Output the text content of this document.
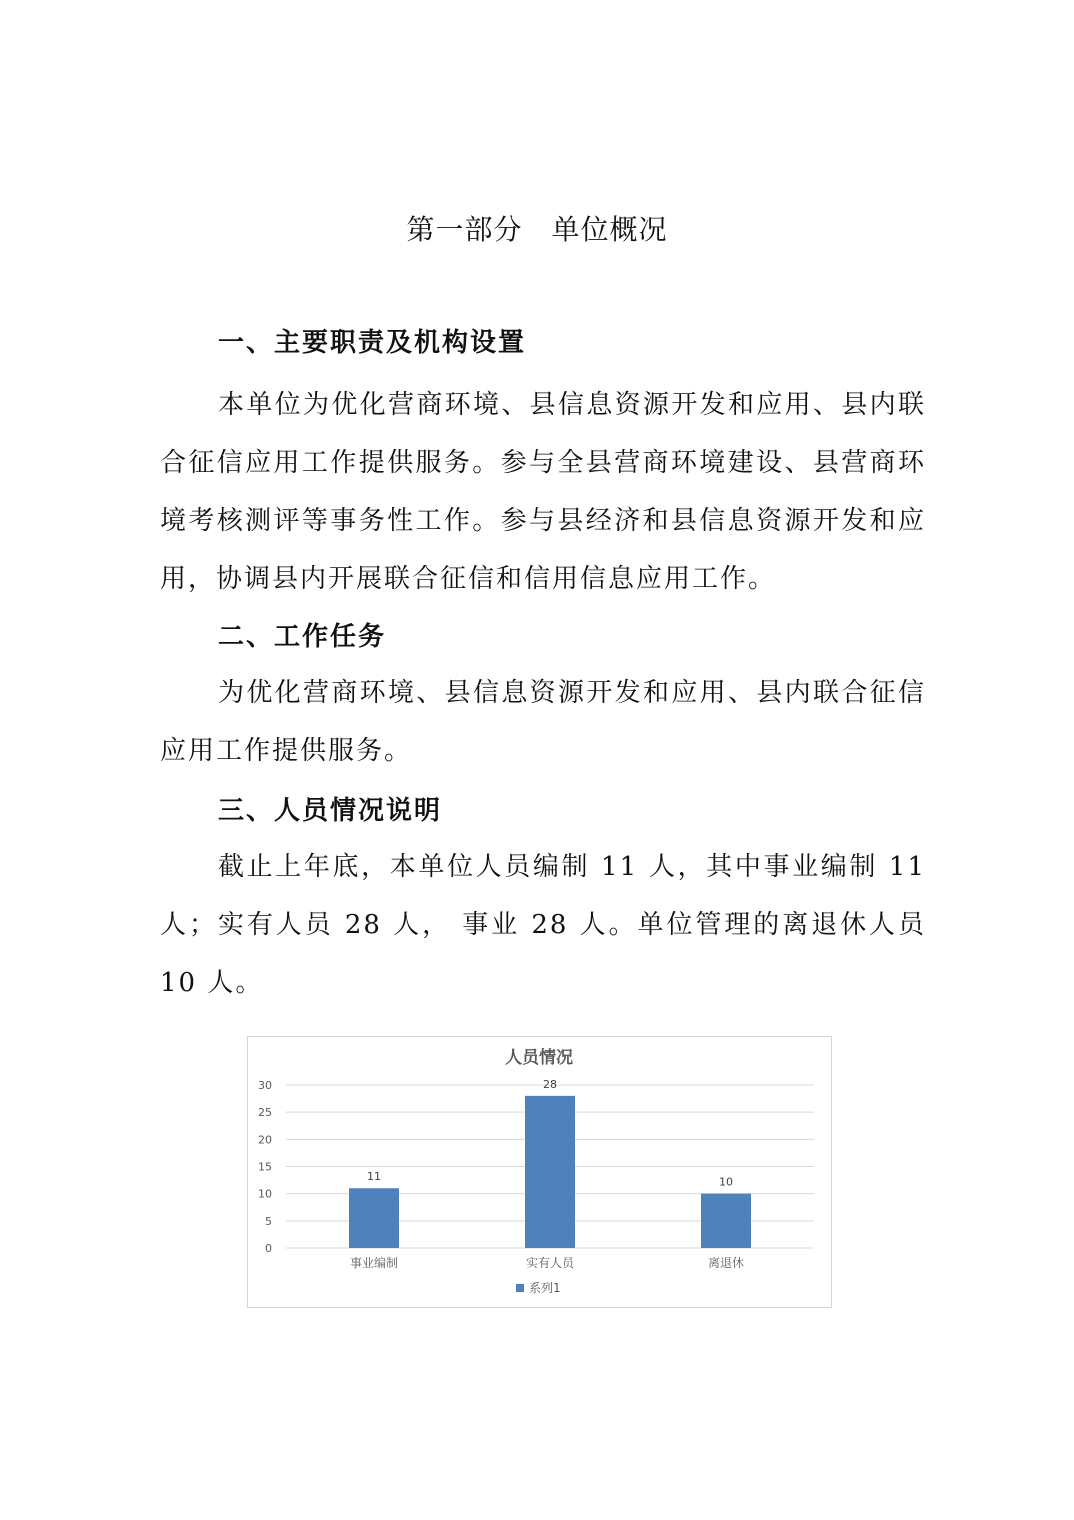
第一部分　单位概况
一、主要职责及机构设置

本单位为优化营商环境、县信息资源开发和应用、县内联合征信应用工作提供服务。参与全县营商环境建设、县营商环境考核测评等事务性工作。参与县经济和县信息资源开发和应用，协调县内开展联合征信和信用信息应用工作。

二、工作任务

为优化营商环境、县信息资源开发和应用、县内联合征信应用工作提供服务。

三、人员情况说明

截止上年底，本单位人员编制 11 人，其中事业编制 11 人；实有人员 28 人， 事业 28 人。单位管理的离退休人员 10 人。

人员情况
0
5
10
15
20
25
30
11
事业编制
28
实有人员
10
离退休
系列1
